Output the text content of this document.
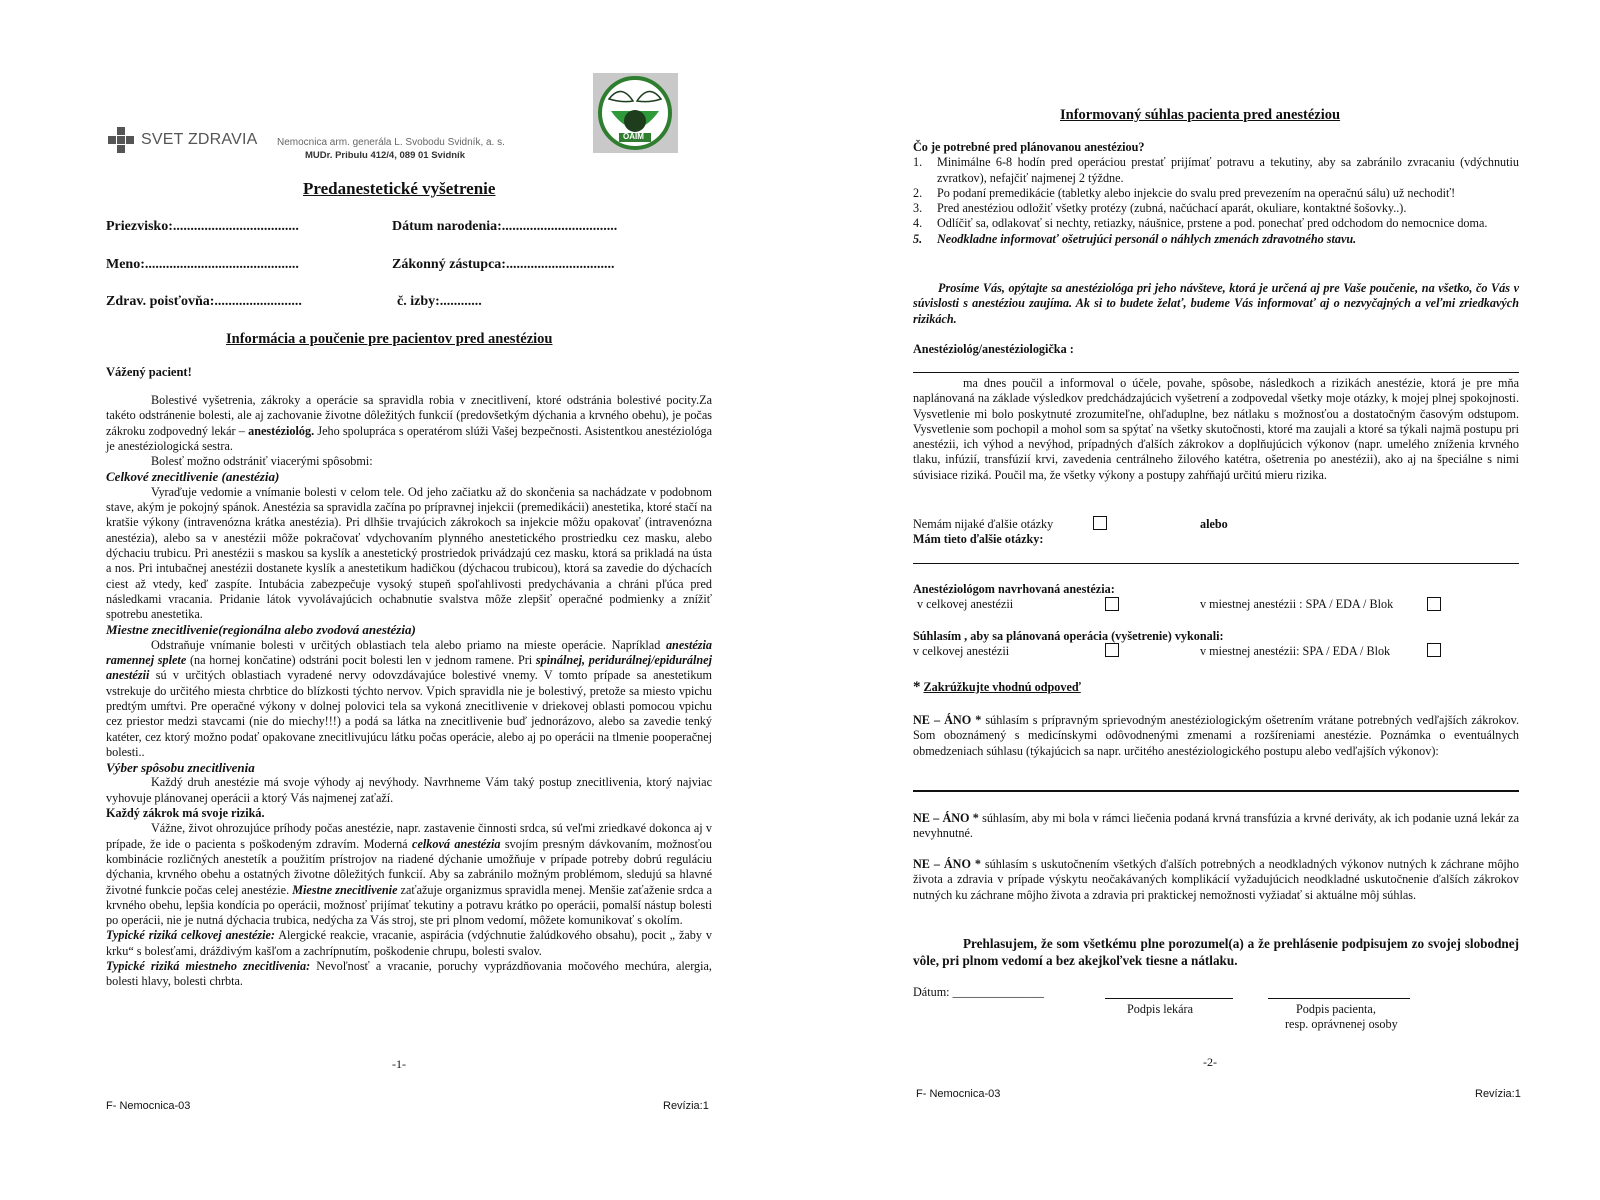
SVET ZDRAVIA Nemocnica arm. generála L. Svobodu Svidník, a. s.
MUDr. Pribulu 412/4, 089 01 Svidník
OAIM
Predanestetické vyšetrenie
Priezvisko:....................................	Dátum narodenia:.................................
Meno:............................................	Zákonný zástupca:...............................
Zdrav. poisťovňa:.........................	č. izby:............
Informácia a poučenie pre pacientov pred anestéziou
Vážený pacient!

Bolestivé vyšetrenia, zákroky a operácie sa spravidla robia v znecitlivení, ktoré odstránia bolestivé pocity.Za takéto odstránenie bolesti, ale aj zachovanie životne dôležitých funkcií (predovšetkým dýchania a krvného obehu), je počas zákroku zodpovedný lekár – anestéziológ. Jeho spolupráca s operatérom slúži Vašej bezpečnosti. Asistentkou anestéziológa je anestéziologická sestra.

Bolesť možno odstrániť viacerými spôsobmi:

Celkové znecitlivenie (anestézia)

Vyraďuje vedomie a vnímanie bolesti v celom tele. Od jeho začiatku až do skončenia sa nachádzate v podobnom stave, akým je pokojný spánok. Anestézia sa spravidla začína po prípravnej injekcii (premedikácii) anestetika, ktoré stačí na kratšie výkony (intravenózna krátka anestézia). Pri dlhšie trvajúcich zákrokoch sa injekcie môžu opakovať (intravenózna anestézia), alebo sa v anestézii môže pokračovať vdychovaním plynného anestetického prostriedku cez masku, alebo dýchaciu trubicu. Pri anestézii s maskou sa kyslík a anestetický prostriedok privádzajú cez masku, ktorá sa prikladá na ústa a nos. Pri intubačnej anestézii dostanete kyslík a anestetikum hadičkou (dýchacou trubicou), ktorá sa zavedie do dýchacích ciest až vtedy, keď zaspíte. Intubácia zabezpečuje vysoký stupeň spoľahlivosti predychávania a chráni pľúca pred následkami vracania. Pridanie látok vyvolávajúcich ochabnutie svalstva môže zlepšiť operačné podmienky a znížiť spotrebu anestetika.

Miestne znecitlivenie(regionálna alebo zvodová anestézia)

Odstraňuje vnímanie bolesti v určitých oblastiach tela alebo priamo na mieste operácie. Napríklad anestézia ramennej splete (na hornej končatine) odstráni pocit bolesti len v jednom ramene. Pri spinálnej, peridurálnej/epidurálnej anestézii sú v určitých oblastiach vyradené nervy odovzdávajúce bolestivé vnemy. V tomto prípade sa anestetikum vstrekuje do určitého miesta chrbtice do blízkosti týchto nervov. Vpich spravidla nie je bolestivý, pretože sa miesto vpichu predtým umŕtvi. Pre operačné výkony v dolnej polovici tela sa vykoná znecitlivenie v driekovej oblasti pomocou vpichu cez priestor medzi stavcami (nie do miechy!!!) a podá sa látka na znecitlivenie buď jednorázovo, alebo sa zavedie tenký katéter, cez ktorý možno podať opakovane znecitlivujúcu látku počas operácie, alebo aj po operácii na tlmenie pooperačnej bolesti..

Výber spôsobu znecitlivenia

Každý druh anestézie má svoje výhody aj nevýhody. Navrhneme Vám taký postup znecitlivenia, ktorý najviac vyhovuje plánovanej operácii a ktorý Vás najmenej zaťaží.

Každý zákrok má svoje riziká.

Vážne, život ohrozujúce príhody počas anestézie, napr. zastavenie činnosti srdca, sú veľmi zriedkavé dokonca aj v prípade, že ide o pacienta s poškodeným zdravím. Moderná celková anestézia svojím presným dávkovaním, možnosťou kombinácie rozličných anestetík a použitím prístrojov na riadené dýchanie umožňuje v prípade potreby dobrú reguláciu dýchania, krvného obehu a ostatných životne dôležitých funkcií. Aby sa zabránilo možným problémom, sledujú sa hlavné životné funkcie počas celej anestézie. Miestne znecitlivenie zaťažuje organizmus spravidla menej. Menšie zaťaženie srdca a krvného obehu, lepšia kondícia po operácii, možnosť prijímať tekutiny a potravu krátko po operácii, pomalší nástup bolesti po operácii, nie je nutná dýchacia trubica, nedýcha za Vás stroj, ste pri plnom vedomí, môžete komunikovať s okolím.

Typické riziká celkovej anestézie: Alergické reakcie, vracanie, aspirácia (vdýchnutie žalúdkového obsahu), pocit „ žaby v krku“ s bolesťami, dráždivým kašľom a zachrípnutím, poškodenie chrupu, bolesti svalov.

Typické riziká miestneho znecitlivenia: Nevoľnosť a vracanie, poruchy vyprázdňovania močového mechúra, alergia, bolesti hlavy, bolesti chrbta.

-1-
F- Nemocnica-03	Revízia:1
Informovaný súhlas pacienta pred anestéziou
Čo je potrebné pred plánovanou anestéziou?
1.	Minimálne 6-8 hodín pred operáciou prestať prijímať potravu a tekutiny, aby sa zabránilo zvracaniu (vdýchnutiu zvratkov), nefajčiť najmenej 2 týždne.
2.	Po podaní premedikácie (tabletky alebo injekcie do svalu pred prevezením na operačnú sálu) už nechodiť!
3.	Pred anestéziou odložiť všetky protézy (zubná, načúchací aparát, okuliare, kontaktné šošovky..).
4.	Odlíčiť sa, odlakovať si nechty, retiazky, náušnice, prstene a pod. ponechať pred odchodom do nemocnice doma.
5.	Neodkladne informovať ošetrujúci personál o náhlych zmenách zdravotného stavu.
Prosíme Vás, opýtajte sa anestéziológa pri jeho návšteve, ktorá je určená aj pre Vaše poučenie, na všetko, čo Vás v súvislosti s anestéziou zaujíma. Ak si to budete želať, budeme Vás informovať aj o nezvyčajných a veľmi zriedkavých rizikách.
Anestéziológ/anestéziologička :
ma dnes poučil a informoval o účele, povahe, spôsobe, následkoch a rizikách anestézie, ktorá je pre mňa naplánovaná na základe výsledkov predchádzajúcich vyšetrení a zodpovedal všetky moje otázky, k mojej plnej spokojnosti. Vysvetlenie mi bolo poskytnuté zrozumiteľne, ohľaduplne, bez nátlaku s možnosťou a dostatočným časovým odstupom. Vysvetlenie som pochopil a mohol som sa spýtať na všetky skutočnosti, ktoré ma zaujali a ktoré sa týkali najmä postupu pri anestézii, ich výhod a nevýhod, prípadných ďalších zákrokov a doplňujúcich výkonov (napr. umelého zníženia krvného tlaku, infúzií, transfúzií krvi, zavedenia centrálneho žilového katétra, ošetrenia po anestézii), ako aj na špeciálne s nimi súvisiace riziká. Poučil ma, že všetky výkony a postupy zahŕňajú určitú mieru rizika.
Nemám nijaké ďalšie otázky	alebo
Mám tieto ďalšie otázky:
Anestéziológom navrhovaná anestézia:
v celkovej anestézii	v miestnej anestézii : SPA / EDA / Blok
Súhlasím , aby sa plánovaná operácia (vyšetrenie) vykonali:
v celkovej anestézii	v miestnej anestézii: SPA / EDA / Blok
* Zakrúžkujte vhodnú odpoveď
NE – ÁNO * súhlasím s prípravným sprievodným anestéziologickým ošetrením vrátane potrebných vedľajších zákrokov. Som oboznámený s medicínskymi odôvodnenými zmenami a rozšíreniami anestézie. Poznámka o eventuálnych obmedzeniach súhlasu (týkajúcich sa napr. určitého anestéziologického postupu alebo vedľajších výkonov):
NE – ÁNO * súhlasím, aby mi bola v rámci liečenia podaná krvná transfúzia a krvné deriváty, ak ich podanie uzná lekár za nevyhnutné.
NE – ÁNO * súhlasím s uskutočnením všetkých ďalších potrebných a neodkladných výkonov nutných k záchrane môjho života a zdravia v prípade výskytu neočakávaných komplikácií vyžadujúcich neodkladné uskutočnenie ďalších zákrokov nutných ku záchrane môjho života a zdravia pri praktickej nemožnosti vyžiadať si aktuálne môj súhlas.
Prehlasujem, že som všetkému plne porozumel(a) a že prehlásenie podpisujem zo svojej slobodnej vôle, pri plnom vedomí a bez akejkoľvek tiesne a nátlaku.
Dátum: _______________
Podpis lekára	Podpis pacienta,
resp. oprávnenej osoby
-2-
F- Nemocnica-03	Revízia:1
